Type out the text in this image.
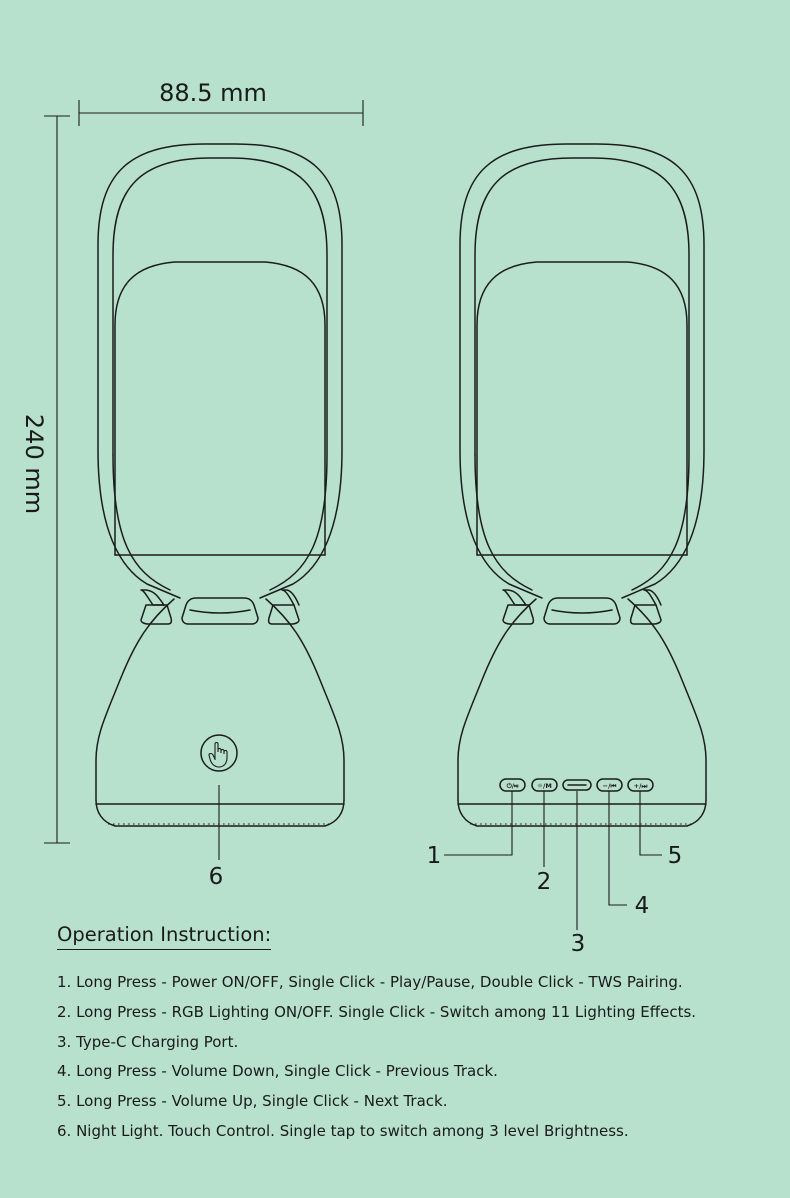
⏻/⏯	☼/M	−/⏮	+/⏭
88.5 mm
240 mm
6
1
2
4
5
Operation Instruction:	3
1. Long Press - Power ON/OFF, Single Click - Play/Pause, Double Click - TWS Pairing.
2. Long Press - RGB Lighting ON/OFF. Single Click - Switch among 11 Lighting Effects.
3. Type-C Charging Port.
4. Long Press - Volume Down, Single Click - Previous Track.
5. Long Press - Volume Up, Single Click - Next Track.
6. Night Light. Touch Control. Single tap to switch among 3 level Brightness.
